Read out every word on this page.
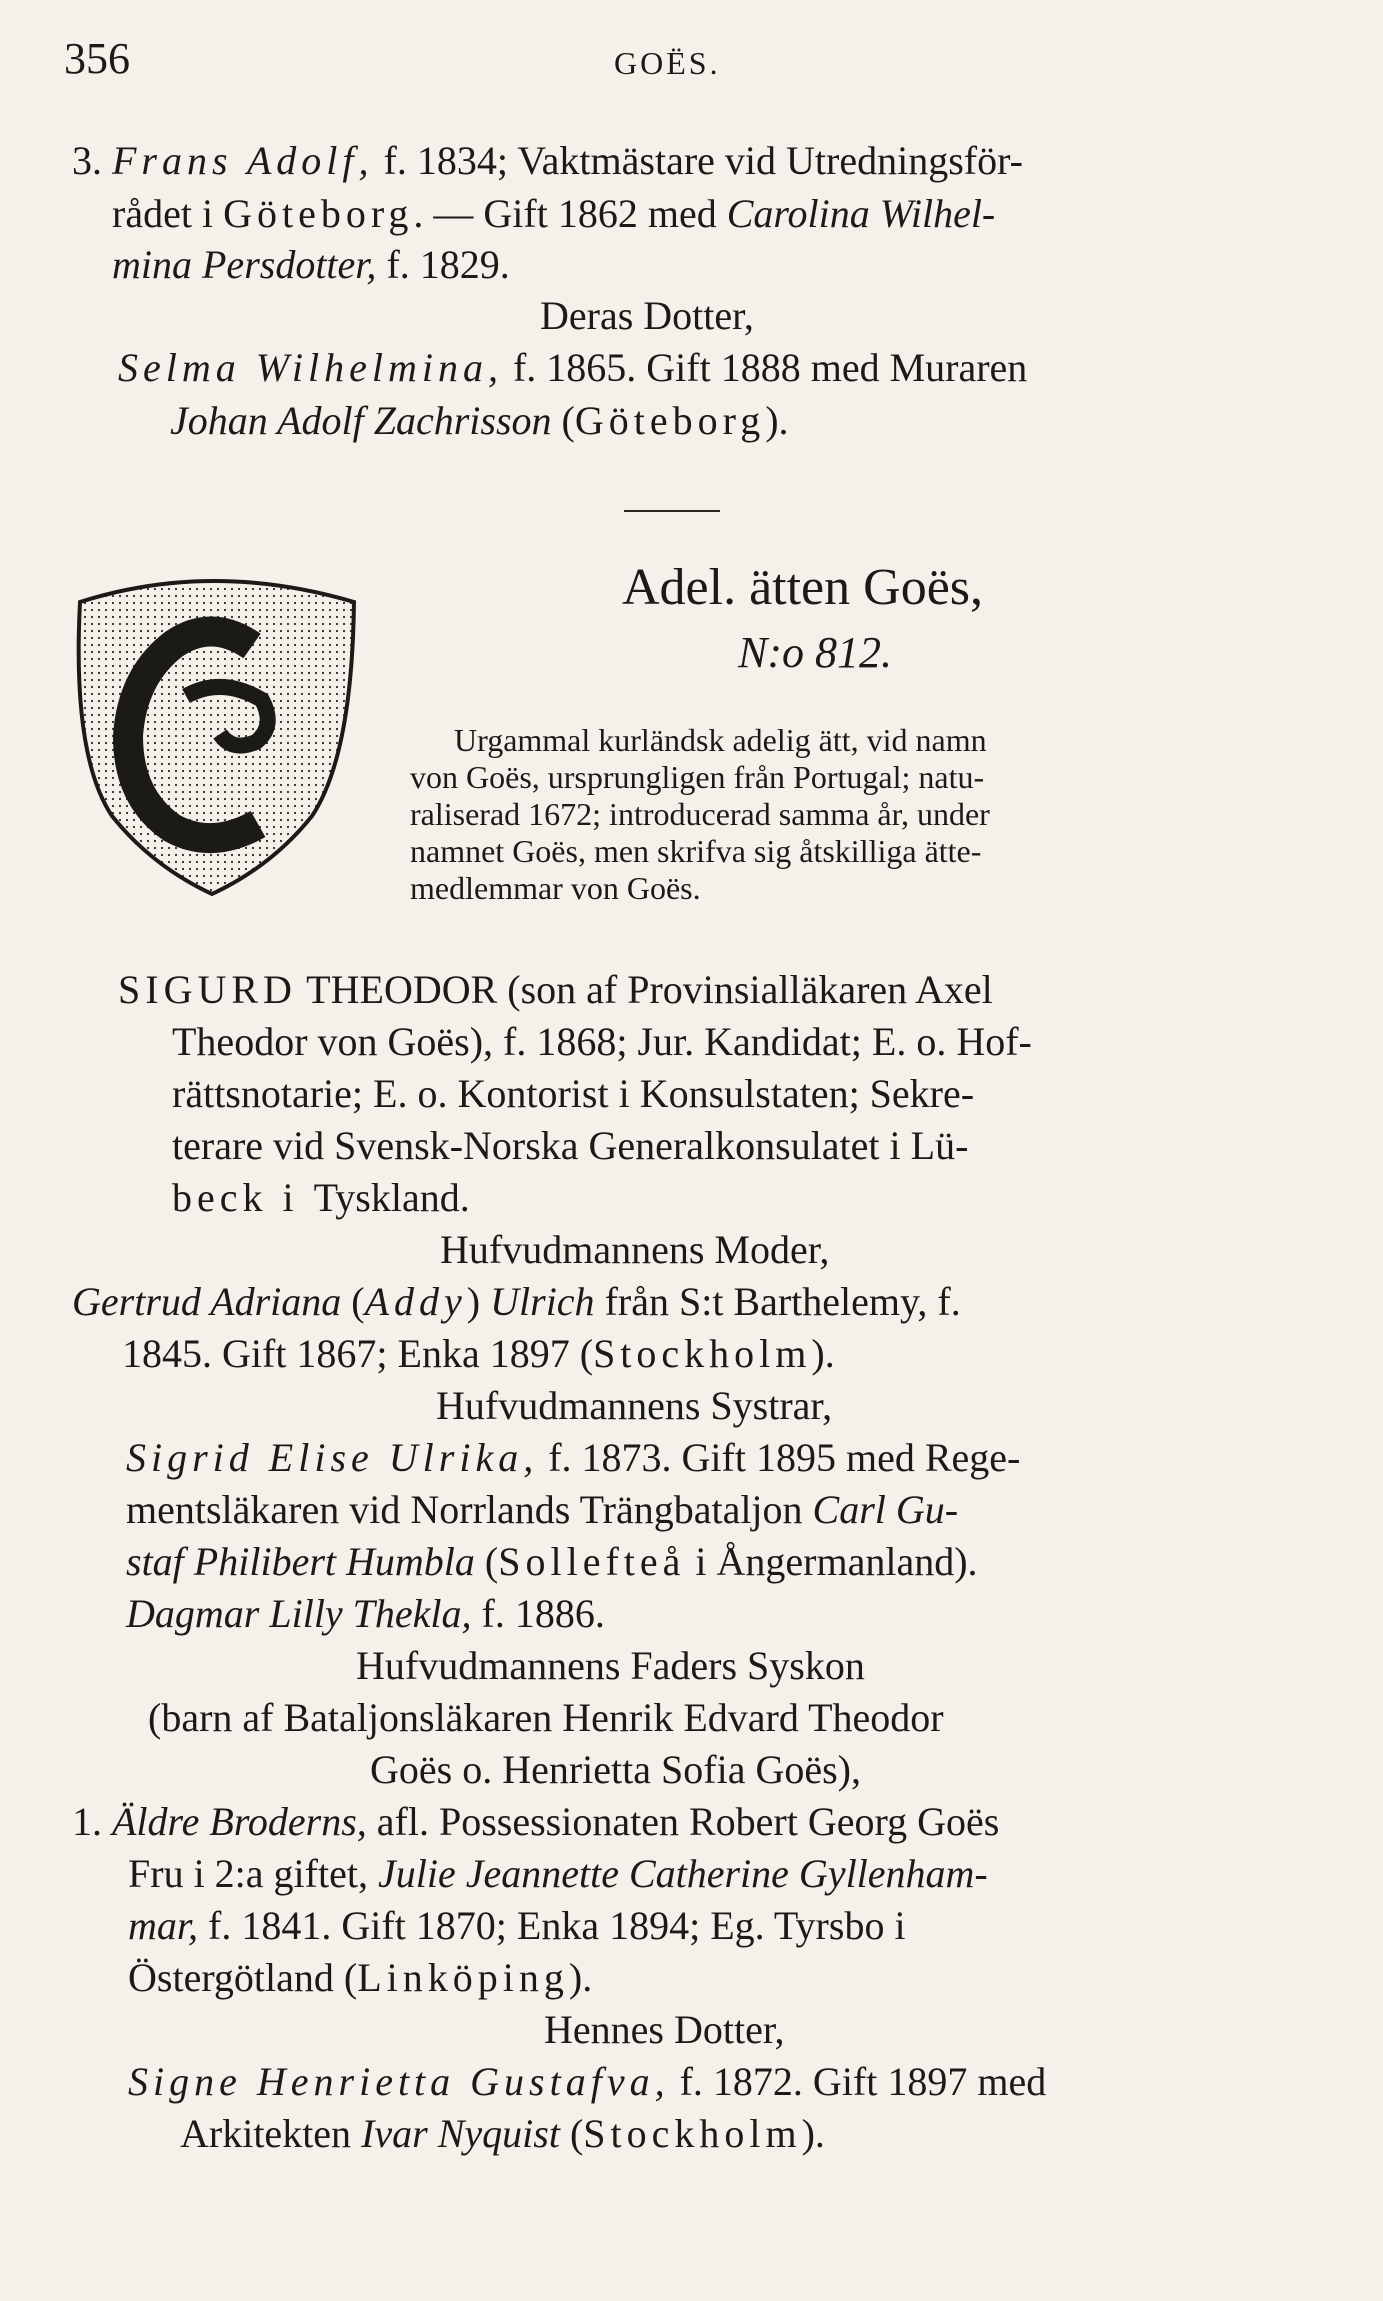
356	GOËS.
3. Frans Adolf, f. 1834; Vaktmästare vid Utredningsför-
rådet i Göteborg. — Gift 1862 med Carolina Wilhel-
mina Persdotter, f. 1829.
Deras Dotter,
Selma Wilhelmina, f. 1865. Gift 1888 med Muraren
Johan Adolf Zachrisson (Göteborg).
Adel. ätten Goës,
N:o 812.
Urgammal kurländsk adelig ätt, vid namn
von Goës, ursprungligen från Portugal; natu-
raliserad 1672; introducerad samma år, under
namnet Goës, men skrifva sig åtskilliga ätte-
medlemmar von Goës.
SIGURD THEODOR (son af Provinsialläkaren Axel
Theodor von Goës), f. 1868; Jur. Kandidat; E. o. Hof-
rättsnotarie; E. o. Kontorist i Konsulstaten; Sekre-
terare vid Svensk-Norska Generalkonsulatet i Lü-
beck i Tyskland.
Hufvudmannens Moder,
Gertrud Adriana (Addy) Ulrich från S:t Barthelemy, f.
1845. Gift 1867; Enka 1897 (Stockholm).
Hufvudmannens Systrar,
Sigrid Elise Ulrika, f. 1873. Gift 1895 med Rege-
mentsläkaren vid Norrlands Trängbataljon Carl Gu-
staf Philibert Humbla (Sollefteå i Ångermanland).
Dagmar Lilly Thekla, f. 1886.
Hufvudmannens Faders Syskon
(barn af Bataljonsläkaren Henrik Edvard Theodor
Goës o. Henrietta Sofia Goës),
1. Äldre Broderns, afl. Possessionaten Robert Georg Goës
Fru i 2:a giftet, Julie Jeannette Catherine Gyllenham-
mar, f. 1841. Gift 1870; Enka 1894; Eg. Tyrsbo i
Östergötland (Linköping).
Hennes Dotter,
Signe Henrietta Gustafva, f. 1872. Gift 1897 med
Arkitekten Ivar Nyquist (Stockholm).
